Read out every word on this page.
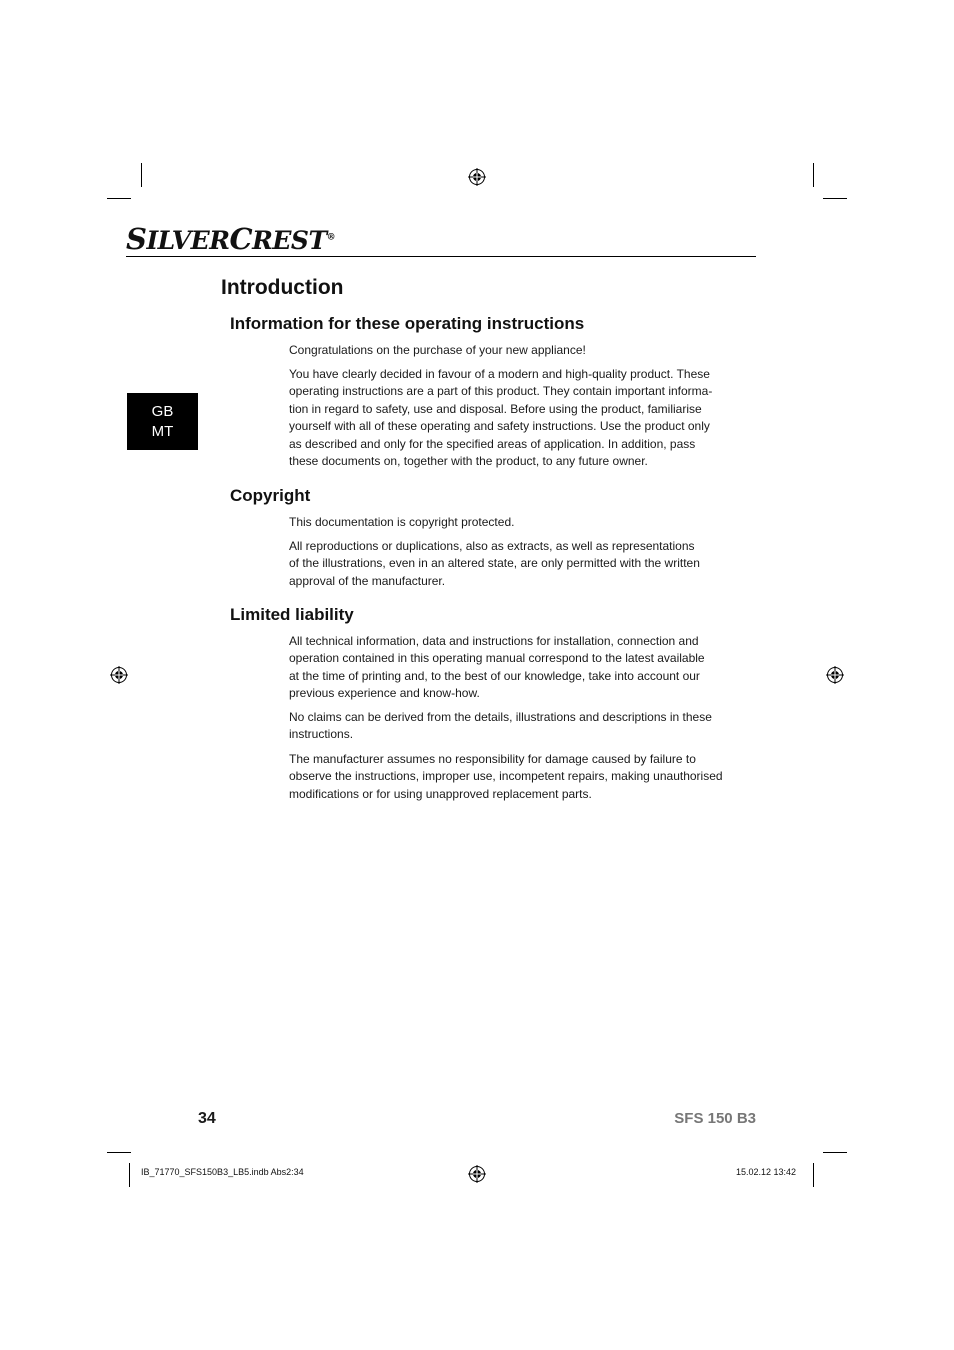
SILVERCREST®
GB
MT
Introduction
Information for these operating instructions
Congratulations on the purchase of your new appliance!
You have clearly decided in favour of a modern and high-quality product. These
operating instructions are a part of this product. They contain important informa-
tion in regard to safety, use and disposal. Before using the product, familiarise
yourself with all of these operating and safety instructions. Use the product only
as described and only for the specified areas of application. In addition, pass
these documents on, together with the product, to any future owner.
Copyright
This documentation is copyright protected.
All reproductions or duplications, also as extracts, as well as representations
of the illustrations, even in an altered state, are only permitted with the written
approval of the manufacturer.
Limited liability
All technical information, data and instructions for installation, connection and
operation contained in this operating manual correspond to the latest available
at the time of printing and, to the best of our knowledge, take into account our
previous experience and know-how.
No claims can be derived from the details, illustrations and descriptions in these
instructions.
The manufacturer assumes no responsibility for damage caused by failure to
observe the instructions, improper use, incompetent repairs, making unauthorised
modifications or for using unapproved replacement parts.
34	SFS 150 B3
IB_71770_SFS150B3_LB5.indb Abs2:34	15.02.12 13:42
